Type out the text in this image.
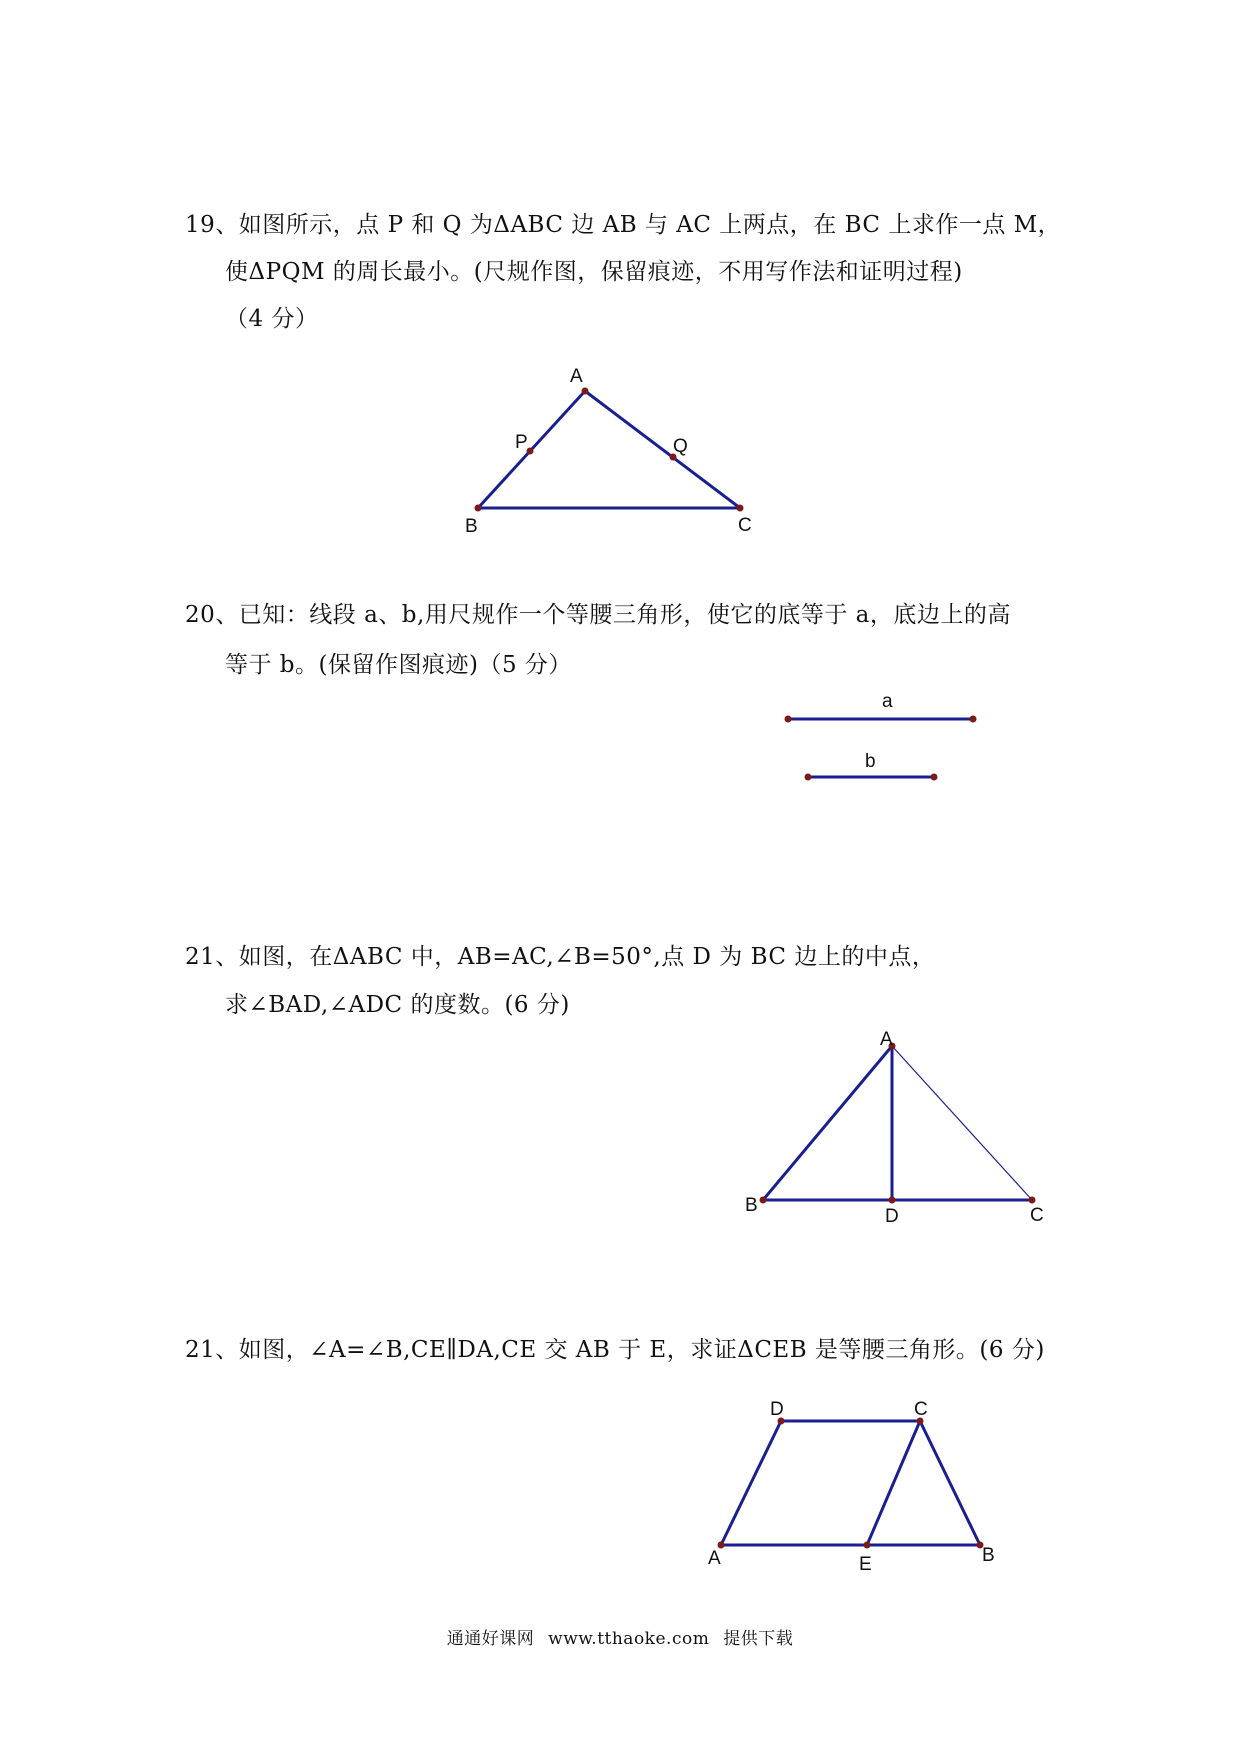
19、如图所示，点 P 和 Q 为ΔABC 边 AB 与 AC 上两点，在 BC 上求作一点 M，
使ΔPQM 的周长最小。(尺规作图，保留痕迹，不用写作法和证明过程)
（4 分）
A
B	C
P	Q
20、已知：线段 a、b,用尺规作一个等腰三角形，使它的底等于 a，底边上的高
等于 b。(保留作图痕迹)（5 分）
a
b
21、如图，在ΔABC 中，AB=AC,∠B=50°,点 D 为 BC 边上的中点，
求∠BAD,∠ADC 的度数。(6 分)
A
B
D	C
21、如图，∠A=∠B,CE∥DA,CE 交 AB 于 E，求证ΔCEB 是等腰三角形。(6 分)
D	C
A	E	B
通通好课网 www.tthaoke.com 提供下载
